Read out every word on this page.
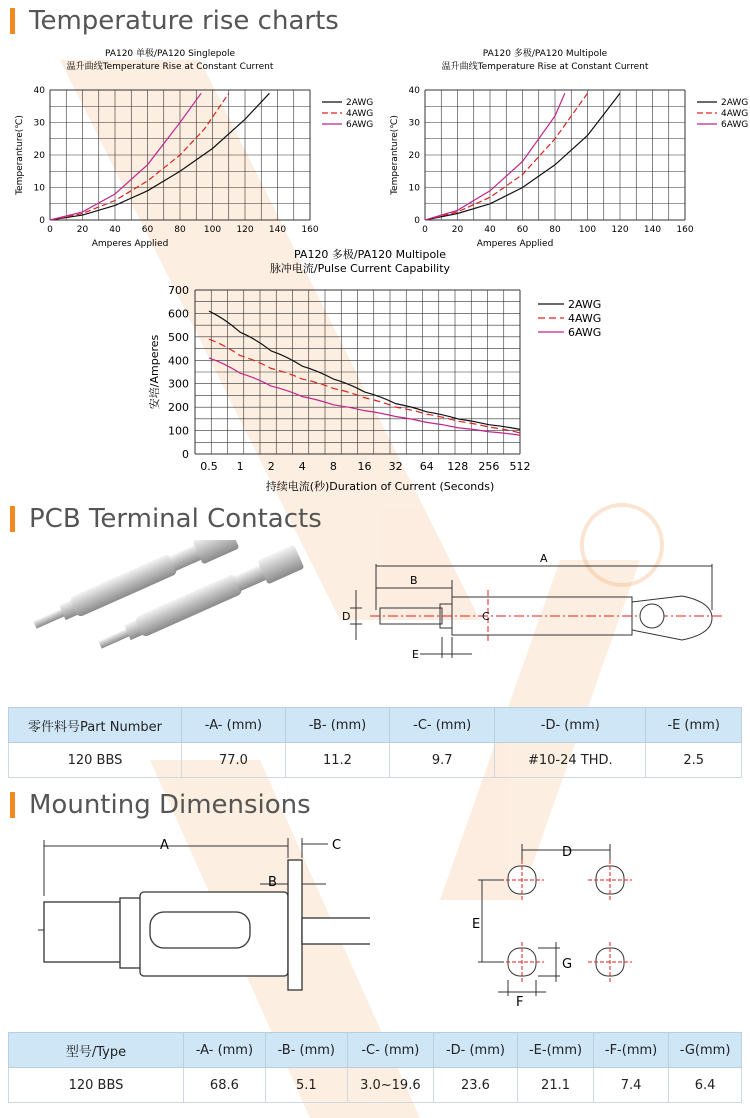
Temperature rise charts
PA120 单极/PA120 Singlepole
温升曲线Temperature Rise at Constant Current
0	20 40 60 80 100 120 140 160
0
10
20
30
40
Amperes Applied
Temperanture(℃)
2AWG
4AWG
6AWG
PA120 多极/PA120 Multipole
温升曲线Temperature Rise at Constant Current
0	20 40 60 80 100 120 140 160
0
10
20
30
40
Amperes Applied
Temperanture(℃)
2AWG
4AWG
6AWG
PA120 多极/PA120 Multipole
脉冲电流/Pulse Current Capability
0
100
200
300
400
500
600
700
0.5 1 2 4 8 16 32 64 128 256 512
持续电流(秒)Duration of Current (Seconds)
安培/Amperes
2AWG
4AWG
6AWG
PCB Terminal Contacts
A
B
C
D
E
零件料号Part Number	-A- (mm)	-B- (mm)	-C- (mm)	-D- (mm)	-E (mm)
120 BBS	77.0	11.2	9.7	#10-24 THD.	2.5
Mounting Dimensions
A
B
C	D
E
F
G
型号/Type	-A- (mm)	-B- (mm)	-C- (mm)	-D- (mm)	-E-(mm)	-F-(mm)	-G(mm)
120 BBS	68.6	5.1	3.0~19.6	23.6	21.1	7.4	6.4
